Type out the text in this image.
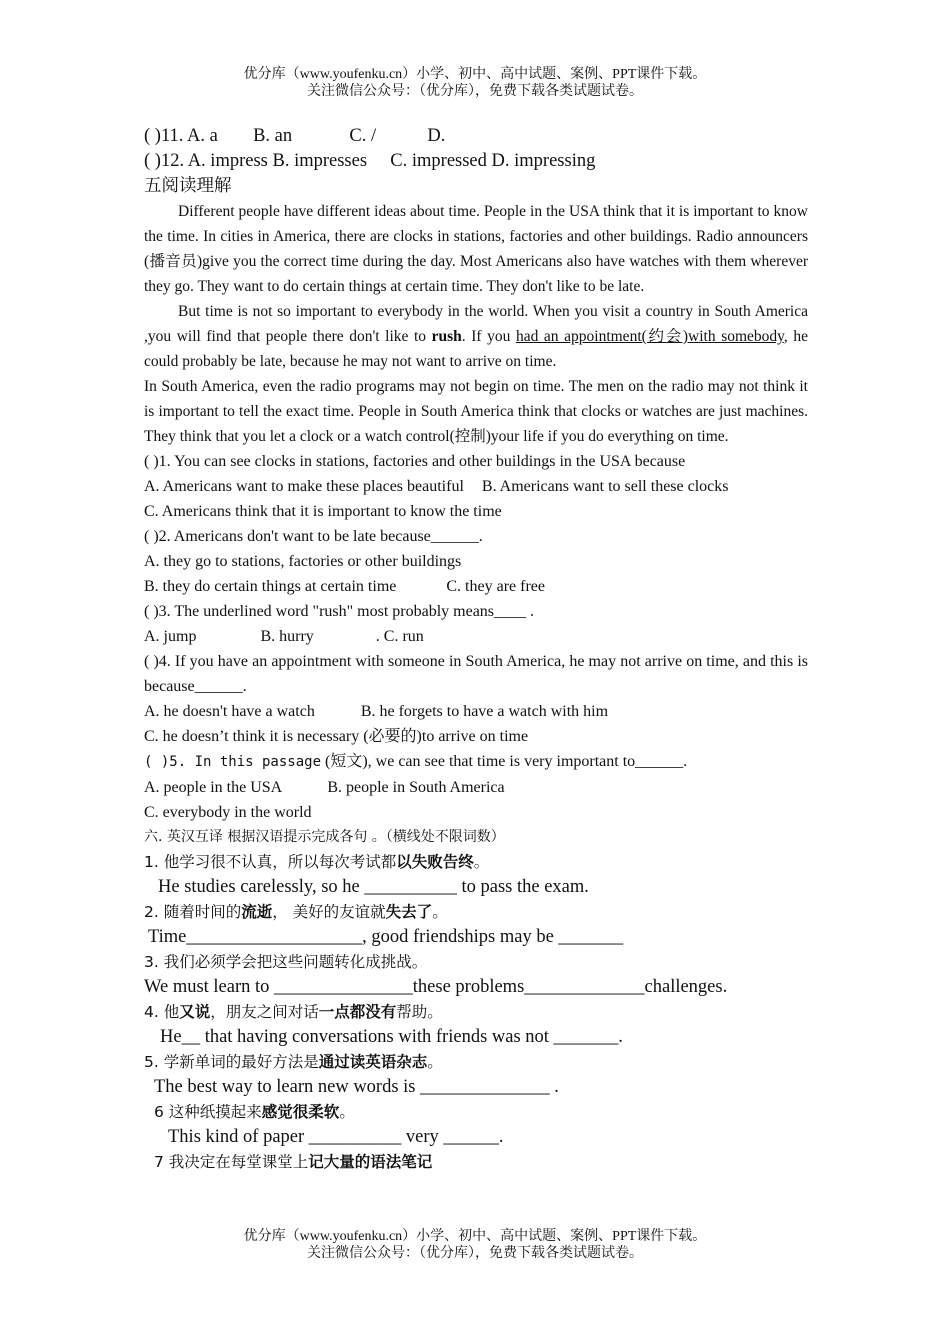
优分库（www.youfenku.cn）小学、初中、高中试题、案例、PPT课件下载。
关注微信公众号：（优分库），免费下载各类试题试卷。
( )11. A. a B. an	C. /	D.
( )12. A. impress B. impresses C. impressed D. impressing
五阅读理解
Different people have different ideas about time. People in the USA think that it is important to know the time. In cities in America, there are clocks in stations, factories and other buildings. Radio announcers (播音员)give you the correct time during the day. Most Americans also have watches with them wherever they go. They want to do certain things at certain time. They don't like to be late.
But time is not so important to everybody in the world. When you visit a country in South America ,you will find that people there don't like to rush. If you had an appointment(约会)with somebody, he could probably be late, because he may not want to arrive on time.
In South America, even the radio programs may not begin on time. The men on the radio may not think it is important to tell the exact time. People in South America think that clocks or watches are just machines. They think that you let a clock or a watch control(控制)your life if you do everything on time.
( )1. You can see clocks in stations, factories and other buildings in the USA because
A. Americans want to make these places beautiful B. Americans want to sell these clocks
C. Americans think that it is important to know the time
( )2. Americans don't want to be late because______.
A. they go to stations, factories or other buildings
B. they do certain things at certain time	C. they are free
( )3. The underlined word "rush" most probably means____ .
A. jump	B. hurry	. C. run
( )4. If you have an appointment with someone in South America, he may not arrive on time, and this is because______.
A. he doesn't have a watch	B. he forgets to have a watch with him
C. he doesn’t think it is necessary (必要的)to arrive on time
( )5. In this passage (短文), we can see that time is very important to______.
A. people in the USA	B. people in South America
C. everybody in the world
六. 英汉互译 根据汉语提示完成各句 。（横线处不限词数）
1. 他学习很不认真，所以每次考试都以失败告终。
He studies carelessly, so he __________ to pass the exam.
2. 随着时间的流逝， 美好的友谊就失去了。
Time___________________, good friendships may be _______
3. 我们必须学会把这些问题转化成挑战。
We must learn to _______________these problems_____________challenges.
4. 他又说，朋友之间对话一点都没有帮助。
He__ that having conversations with friends was not _______.
5. 学新单词的最好方法是通过读英语杂志。
The best way to learn new words is ______________ .
6 这种纸摸起来感觉很柔软。
This kind of paper __________ very ______.
7 我决定在每堂课堂上记大量的语法笔记
优分库（www.youfenku.cn）小学、初中、高中试题、案例、PPT课件下载。
关注微信公众号：（优分库），免费下载各类试题试卷。
